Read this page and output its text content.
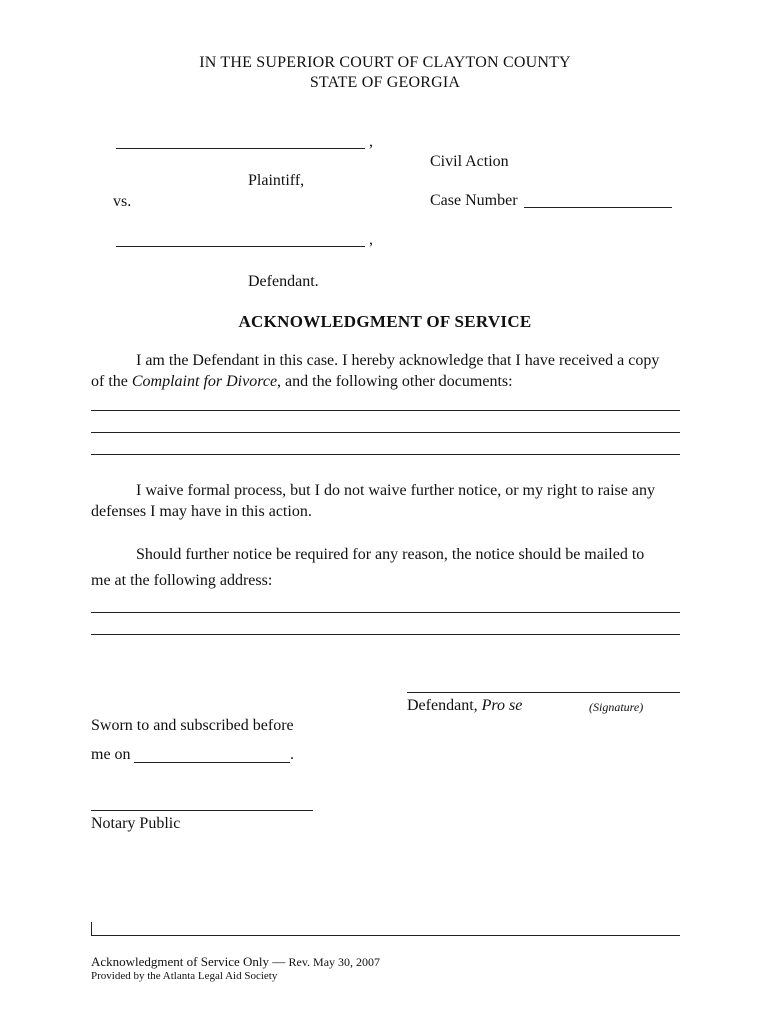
IN THE SUPERIOR COURT OF CLAYTON COUNTY
STATE OF GEORGIA
,
Plaintiff,
vs.
Civil Action
Case Number
,
Defendant.
ACKNOWLEDGMENT OF SERVICE
I am the Defendant in this case. I hereby acknowledge that I have received a copy
of the Complaint for Divorce, and the following other documents:
I waive formal process, but I do not waive further notice, or my right to raise any
defenses I may have in this action.
Should further notice be required for any reason, the notice should be mailed to
me at the following address:
Defendant, Pro se	(Signature)
Sworn to and subscribed before
me on	.
Notary Public
Acknowledgment of Service Only — Rev. May 30, 2007
Provided by the Atlanta Legal Aid Society
